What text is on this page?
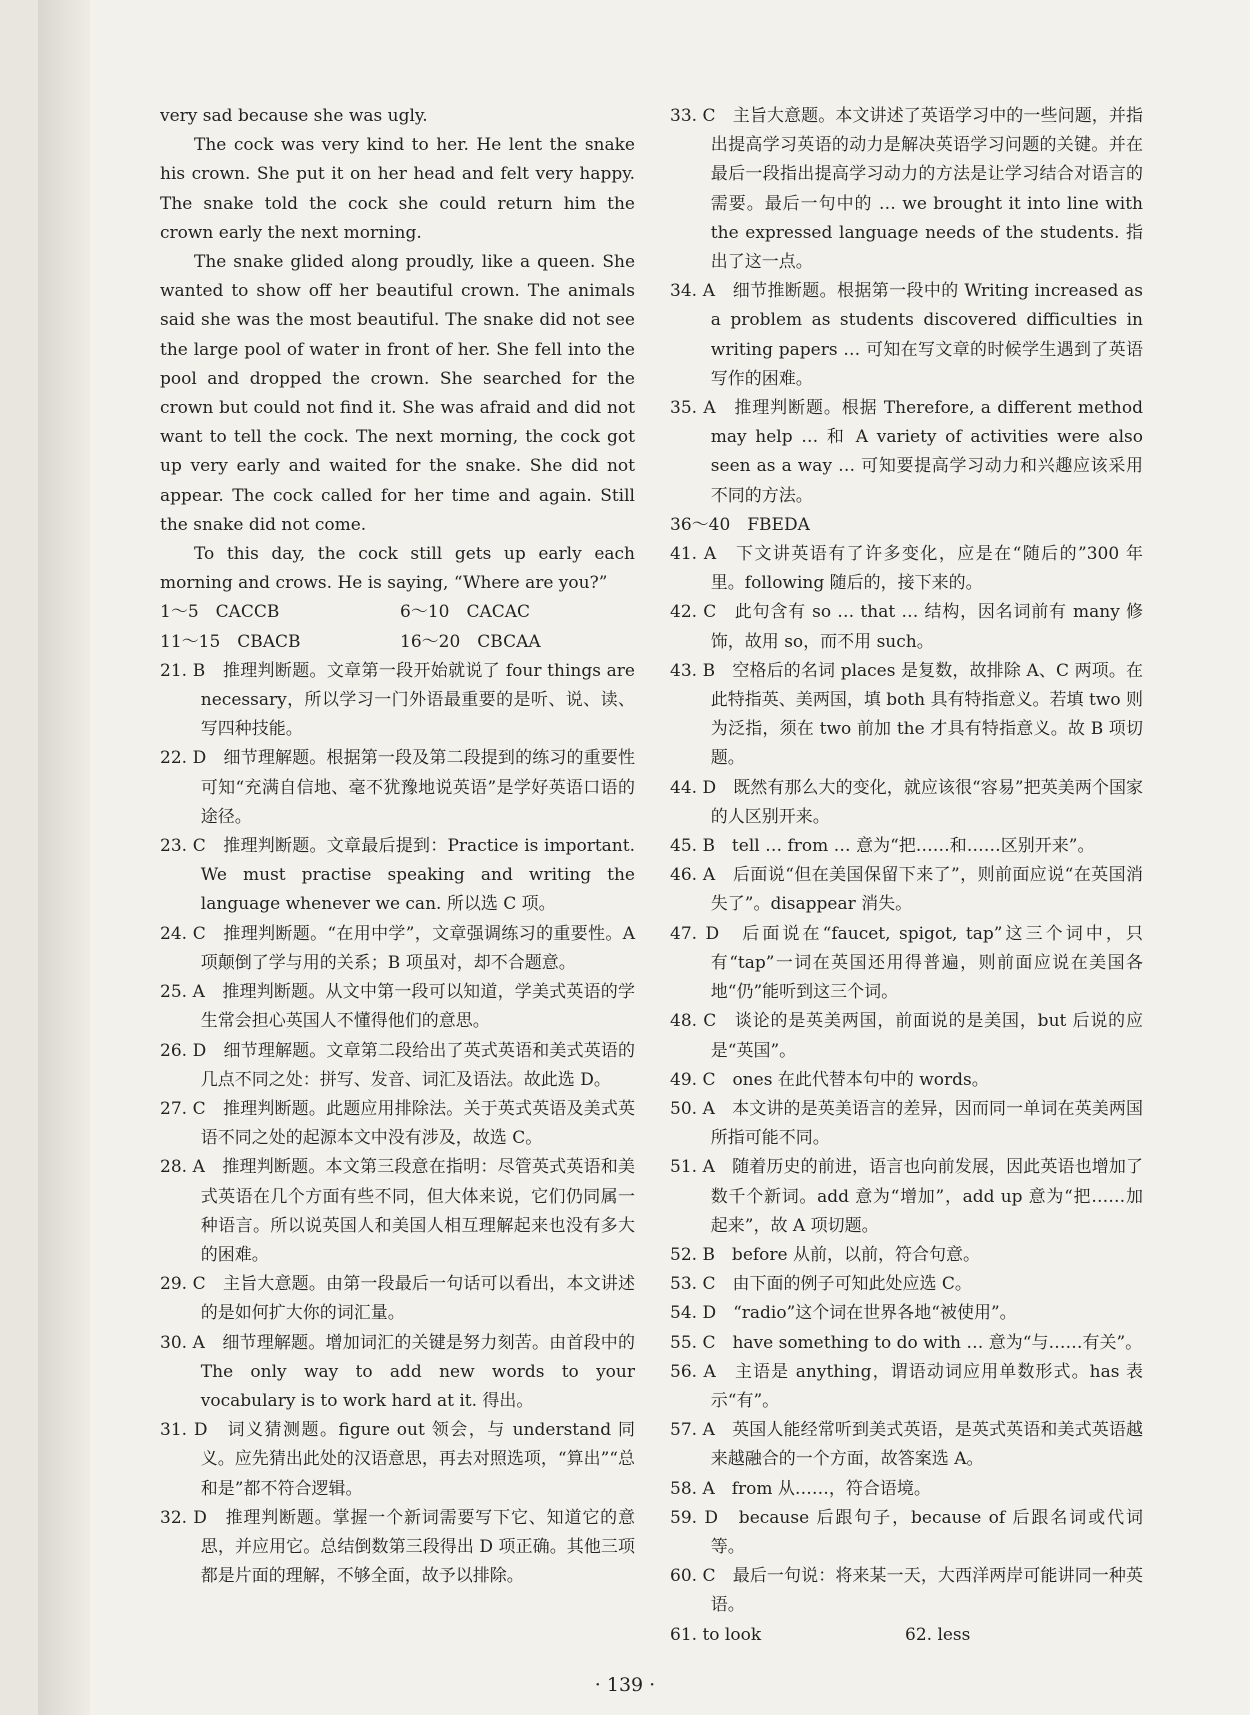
very sad because she was ugly.

The cock was very kind to her. He lent the snake his crown. She put it on her head and felt very happy. The snake told the cock she could return him the crown early the next morning.

The snake glided along proudly, like a queen. She wanted to show off her beautiful crown. The animals said she was the most beautiful. The snake did not see the large pool of water in front of her. She fell into the pool and dropped the crown. She searched for the crown but could not find it. She was afraid and did not want to tell the cock. The next morning, the cock got up very early and waited for the snake. She did not appear. The cock called for her time and again. Still the snake did not come.

To this day, the cock still gets up early each morning and crows. He is saying, “Where are you?”

1～5　CACCB	6～10　CACAC
11～15　CBACB	16～20　CBCAA

21. B　推理判断题。文章第一段开始就说了 four things are necessary，所以学习一门外语最重要的是听、说、读、写四种技能。

22. D　细节理解题。根据第一段及第二段提到的练习的重要性可知“充满自信地、毫不犹豫地说英语”是学好英语口语的途径。

23. C　推理判断题。文章最后提到：Practice is important. We must practise speaking and writing the language whenever we can. 所以选 C 项。

24. C　推理判断题。“在用中学”，文章强调练习的重要性。A 项颠倒了学与用的关系；B 项虽对，却不合题意。

25. A　推理判断题。从文中第一段可以知道，学美式英语的学生常会担心英国人不懂得他们的意思。

26. D　细节理解题。文章第二段给出了英式英语和美式英语的几点不同之处：拼写、发音、词汇及语法。故此选 D。

27. C　推理判断题。此题应用排除法。关于英式英语及美式英语不同之处的起源本文中没有涉及，故选 C。

28. A　推理判断题。本文第三段意在指明：尽管英式英语和美式英语在几个方面有些不同，但大体来说，它们仍同属一种语言。所以说英国人和美国人相互理解起来也没有多大的困难。

29. C　主旨大意题。由第一段最后一句话可以看出，本文讲述的是如何扩大你的词汇量。

30. A　细节理解题。增加词汇的关键是努力刻苦。由首段中的 The only way to add new words to your vocabulary is to work hard at it. 得出。

31. D　词义猜测题。figure out 领会，与 understand 同义。应先猜出此处的汉语意思，再去对照选项，“算出”“总和是”都不符合逻辑。

32. D　推理判断题。掌握一个新词需要写下它、知道它的意思，并应用它。总结倒数第三段得出 D 项正确。其他三项都是片面的理解，不够全面，故予以排除。

33. C　主旨大意题。本文讲述了英语学习中的一些问题，并指出提高学习英语的动力是解决英语学习问题的关键。并在最后一段指出提高学习动力的方法是让学习结合对语言的需要。最后一句中的 … we brought it into line with the expressed language needs of the students. 指出了这一点。

34. A　细节推断题。根据第一段中的 Writing increased as a problem as students discovered difficulties in writing papers … 可知在写文章的时候学生遇到了英语写作的困难。

35. A　推理判断题。根据 Therefore, a different method may help … 和 A variety of activities were also seen as a way … 可知要提高学习动力和兴趣应该采用不同的方法。

36～40　FBEDA

41. A　下文讲英语有了许多变化，应是在“随后的”300 年里。following 随后的，接下来的。

42. C　此句含有 so … that … 结构，因名词前有 many 修饰，故用 so，而不用 such。

43. B　空格后的名词 places 是复数，故排除 A、C 两项。在此特指英、美两国，填 both 具有特指意义。若填 two 则为泛指，须在 two 前加 the 才具有特指意义。故 B 项切题。

44. D　既然有那么大的变化，就应该很“容易”把英美两个国家的人区别开来。

45. B　tell … from … 意为“把……和……区别开来”。

46. A　后面说“但在美国保留下来了”，则前面应说“在英国消失了”。disappear 消失。

47. D　后面说在“faucet, spigot, tap”这三个词中，只有“tap”一词在英国还用得普遍，则前面应说在美国各地“仍”能听到这三个词。

48. C　谈论的是英美两国，前面说的是美国，but 后说的应是“英国”。

49. C　ones 在此代替本句中的 words。

50. A　本文讲的是英美语言的差异，因而同一单词在英美两国所指可能不同。

51. A　随着历史的前进，语言也向前发展，因此英语也增加了数千个新词。add 意为“增加”，add up 意为“把……加起来”，故 A 项切题。

52. B　before 从前，以前，符合句意。

53. C　由下面的例子可知此处应选 C。

54. D　“radio”这个词在世界各地“被使用”。

55. C　have something to do with … 意为“与……有关”。

56. A　主语是 anything，谓语动词应用单数形式。has 表示“有”。

57. A　英国人能经常听到美式英语，是英式英语和美式英语越来越融合的一个方面，故答案选 A。

58. A　from 从……，符合语境。

59. D　because 后跟句子，because of 后跟名词或代词等。

60. C　最后一句说：将来某一天，大西洋两岸可能讲同一种英语。

61. to look	62. less
· 139 ·
